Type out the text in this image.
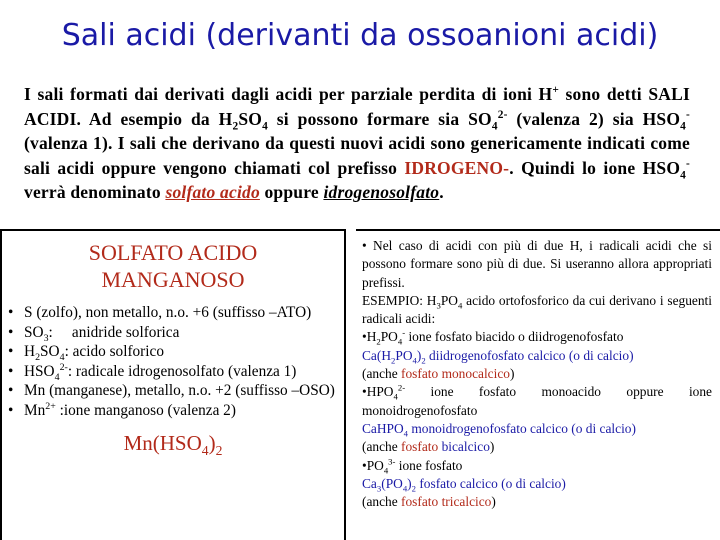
Sali acidi (derivanti da ossoanioni acidi)
I sali formati dai derivati dagli acidi per parziale perdita di ioni H+ sono detti SALI ACIDI. Ad esempio da $H_2SO_4$ si possono formare sia $SO_4^{2-}$ (valenza 2) sia $HSO_4^-$ (valenza 1). I sali che derivano da questi nuovi acidi sono genericamente indicati come sali acidi oppure vengono chiamati col prefisso IDROGENO-. Quindi lo ione $HSO_4^-$ verrà denominato solfato acido oppure idrogenosolfato.
SOLFATO ACIDO
MANGANOSO
• S (zolfo), non metallo, n.o. +6 (suffisso –ATO)
• $SO_3$:     anidride solforica
• $H_2SO_4$: acido solforico
• $HSO_4^{2-}$: radicale idrogenosolfato (valenza 1)
• Mn (manganese), metallo, n.o. +2 (suffisso –OSO)
• $Mn^{2+}$ :ione manganoso (valenza 2)
$Mn(HSO_4)_2$

• Nel caso di acidi con più di due H, i radicali acidi che si possono formare sono più di due. Si useranno allora appropriati prefissi.

ESEMPIO: $H_3PO_4$ acido ortofosforico da cui derivano i seguenti radicali acidi:

$•H_2PO_4^-$ ione fosfato biacido o diidrogenofosfato

$Ca(H_2PO_4)_2$ diidrogenofosfato calcico (o di calcio)

(anche fosfato monocalcico)

$•HPO_4^{2-}$ ione fosfato monoacido oppure ione monoidrogenofosfato

CaHPO$_4$ monoidrogenofosfato calcico (o di calcio)

(anche fosfato bicalcico)

$•PO_4^{3-}$ ione fosfato

$Ca_3(PO_4)_2$ fosfato calcico (o di calcio)

(anche fosfato tricalcico)
